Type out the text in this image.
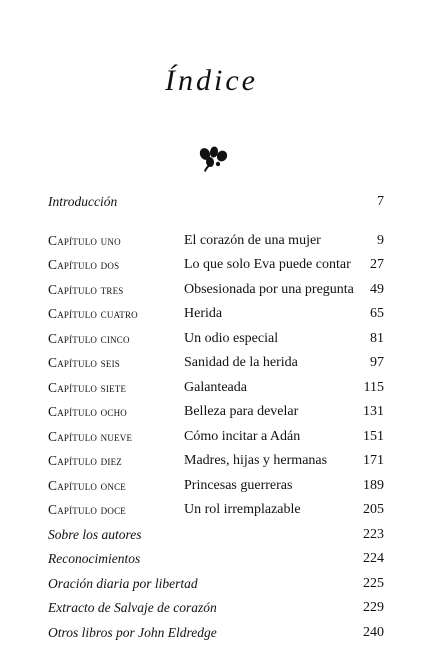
Índice
Introducción	7
Capítulo uno	El corazón de una mujer	9
Capítulo dos	Lo que solo Eva puede contar 27
Capítulo tres	Obsesionada por una pregunta 49
Capítulo cuatro	Herida	65
Capítulo cinco	Un odio especial	81
Capítulo seis	Sanidad de la herida	97
Capítulo siete	Galanteada	115
Capítulo ocho	Belleza para develar	131
Capítulo nueve	Cómo incitar a Adán	151
Capítulo diez	Madres, hijas y hermanas	171
Capítulo once	Princesas guerreras	189
Capítulo doce	Un rol irremplazable	205
Sobre los autores	223
Reconocimientos	224
Oración diaria por libertad	225
Extracto de Salvaje de corazón	229
Otros libros por John Eldredge	240
